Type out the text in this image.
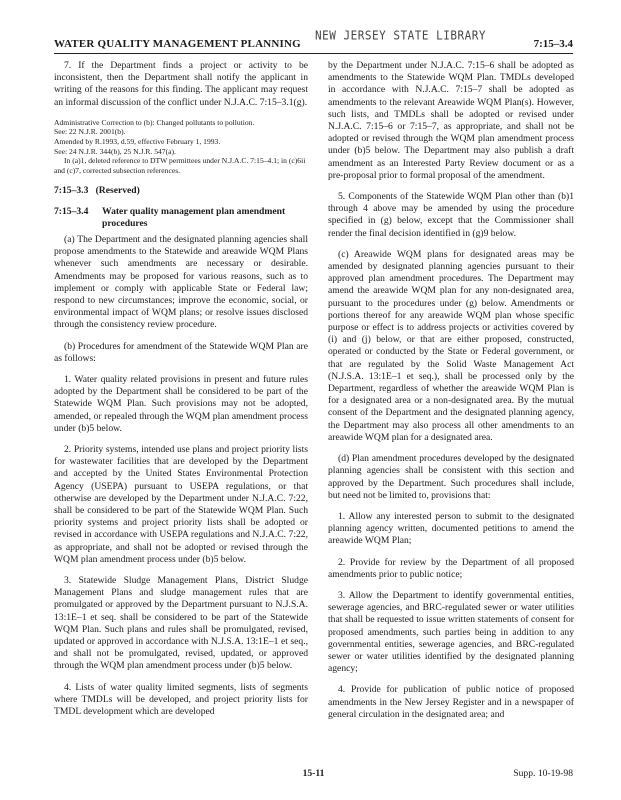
WATER QUALITY MANAGEMENT PLANNING
NEW JERSEY STATE LIBRARY
7:15–3.4

7. If the Department finds a project or activity to be inconsistent, then the Department shall notify the applicant in writing of the reasons for this finding. The applicant may request an informal discussion of the conflict under N.J.A.C. 7:15–3.1(g).

Administrative Correction to (b): Changed pollutants to pollution.

See: 22 N.J.R. 2001(b).

Amended by R.1993, d.59, effective February 1, 1993.

See: 24 N.J.R. 344(b), 25 N.J.R. 547(a).

In (a)1, deleted reference to DTW permittees under N.J.A.C. 7:15–4.1; in (c)6ii and (c)7, corrected subsection references.

7:15–3.3 (Reserved)
7:15–3.4	Water quality management plan amendment procedures

(a) The Department and the designated planning agencies shall propose amendments to the Statewide and areawide WQM Plans whenever such amendments are necessary or desirable. Amendments may be proposed for various reasons, such as to implement or comply with applicable State or Federal law; respond to new circumstances; improve the economic, social, or environmental impact of WQM plans; or resolve issues disclosed through the consistency review procedure.

(b) Procedures for amendment of the Statewide WQM Plan are as follows:

1. Water quality related provisions in present and future rules adopted by the Department shall be considered to be part of the Statewide WQM Plan. Such provisions may not be adopted, amended, or repealed through the WQM plan amendment process under (b)5 below.

2. Priority systems, intended use plans and project priority lists for wastewater facilities that are developed by the Department and accepted by the United States Environmental Protection Agency (USEPA) pursuant to USEPA regulations, or that otherwise are developed by the Department under N.J.A.C. 7:22, shall be considered to be part of the Statewide WQM Plan. Such priority systems and project priority lists shall be adopted or revised in accordance with USEPA regulations and N.J.A.C. 7:22, as appropriate, and shall not be adopted or revised through the WQM plan amendment process under (b)5 below.

3. Statewide Sludge Management Plans, District Sludge Management Plans and sludge management rules that are promulgated or approved by the Department pursuant to N.J.S.A. 13:1E–1 et seq. shall be considered to be part of the Statewide WQM Plan. Such plans and rules shall be promulgated, revised, updated or approved in accordance with N.J.S.A. 13:1E–1 et seq., and shall not be promulgated, revised, updated, or approved through the WQM plan amendment process under (b)5 below.

4. Lists of water quality limited segments, lists of segments where TMDLs will be developed, and project priority lists for TMDL development which are developed

by the Department under N.J.A.C. 7:15–6 shall be adopted as amendments to the Statewide WQM Plan. TMDLs developed in accordance with N.J.A.C. 7:15–7 shall be adopted as amendments to the relevant Areawide WQM Plan(s). However, such lists, and TMDLs shall be adopted or revised under N.J.A.C. 7:15–6 or 7:15–7, as appropriate, and shall not be adopted or revised through the WQM plan amendment process under (b)5 below. The Department may also publish a draft amendment as an Interested Party Review document or as a pre-proposal prior to formal proposal of the amendment.

5. Components of the Statewide WQM Plan other than (b)1 through 4 above may be amended by using the procedure specified in (g) below, except that the Commissioner shall render the final decision identified in (g)9 below.

(c) Areawide WQM plans for designated areas may be amended by designated planning agencies pursuant to their approved plan amendment procedures. The Department may amend the areawide WQM plan for any non-designated area, pursuant to the procedures under (g) below. Amendments or portions thereof for any areawide WQM plan whose specific purpose or effect is to address projects or activities covered by (i) and (j) below, or that are either proposed, constructed, operated or conducted by the State or Federal government, or that are regulated by the Solid Waste Management Act (N.J.S.A. 13:1E–1 et seq.), shall be processed only by the Department, regardless of whether the areawide WQM Plan is for a designated area or a non-designated area. By the mutual consent of the Department and the designated planning agency, the Department may also process all other amendments to an areawide WQM plan for a designated area.

(d) Plan amendment procedures developed by the designated planning agencies shall be consistent with this section and approved by the Department. Such procedures shall include, but need not be limited to, provisions that:

1. Allow any interested person to submit to the designated planning agency written, documented petitions to amend the areawide WQM Plan;

2. Provide for review by the Department of all proposed amendments prior to public notice;

3. Allow the Department to identify governmental entities, sewerage agencies, and BRC-regulated sewer or water utilities that shall be requested to issue written statements of consent for proposed amendments, such parties being in addition to any governmental entities, sewerage agencies, and BRC-regulated sewer or water utilities identified by the designated planning agency;

4. Provide for publication of public notice of proposed amendments in the New Jersey Register and in a newspaper of general circulation in the designated area; and

15-11	Supp. 10-19-98
